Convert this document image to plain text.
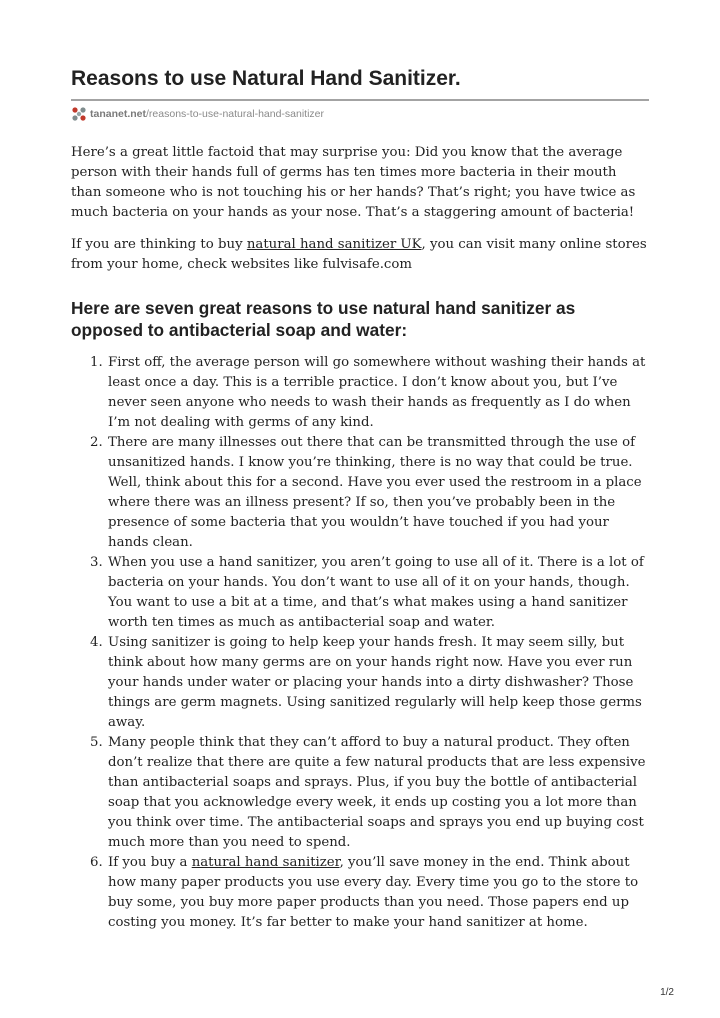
Reasons to use Natural Hand Sanitizer.
tananet.net /reasons-to-use-natural-hand-sanitizer

Here’s a great little factoid that may surprise you: Did you know that the average person with their hands full of germs has ten times more bacteria in their mouth than someone who is not touching his or her hands? That’s right; you have twice as much bacteria on your hands as your nose. That’s a staggering amount of bacteria!

If you are thinking to buy natural hand sanitizer UK, you can visit many online stores from your home, check websites like fulvisafe.com

Here are seven great reasons to use natural hand sanitizer as opposed to antibacterial soap and water:
1. First off, the average person will go somewhere without washing their hands at least once a day. This is a terrible practice. I don’t know about you, but I’ve never seen anyone who needs to wash their hands as frequently as I do when I’m not dealing with germs of any kind.
2. There are many illnesses out there that can be transmitted through the use of unsanitized hands. I know you’re thinking, there is no way that could be true. Well, think about this for a second. Have you ever used the restroom in a place where there was an illness present? If so, then you’ve probably been in the presence of some bacteria that you wouldn’t have touched if you had your hands clean.
3. When you use a hand sanitizer, you aren’t going to use all of it. There is a lot of bacteria on your hands. You don’t want to use all of it on your hands, though. You want to use a bit at a time, and that’s what makes using a hand sanitizer worth ten times as much as antibacterial soap and water.
4. Using sanitizer is going to help keep your hands fresh. It may seem silly, but think about how many germs are on your hands right now. Have you ever run your hands under water or placing your hands into a dirty dishwasher? Those things are germ magnets. Using sanitized regularly will help keep those germs away.
5. Many people think that they can’t afford to buy a natural product. They often don’t realize that there are quite a few natural products that are less expensive than antibacterial soaps and sprays. Plus, if you buy the bottle of antibacterial soap that you acknowledge every week, it ends up costing you a lot more than you think over time. The antibacterial soaps and sprays you end up buying cost much more than you need to spend.
6. If you buy a natural hand sanitizer, you’ll save money in the end. Think about how many paper products you use every day. Every time you go to the store to buy some, you buy more paper products than you need. Those papers end up costing you money. It’s far better to make your hand sanitizer at home.
1/2
